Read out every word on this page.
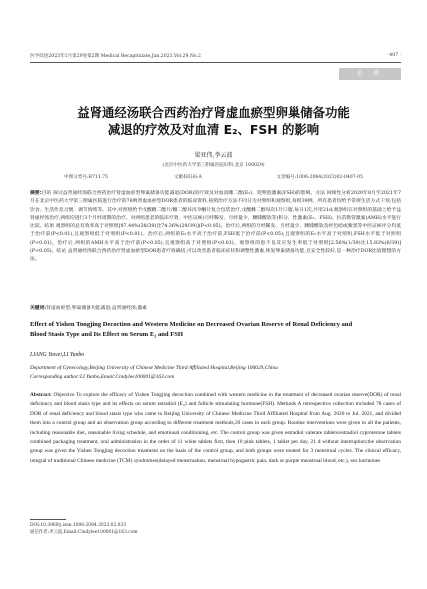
医学综述2023年1月第29卷第2期 Medical Recapitulate,Jan.2023,Vol.29,No.2	· 407 ·
论 著
益肾通经汤联合西药治疗肾虚血瘀型卵巢储备功能
减退的疗效及对血清 E₂、FSH 的影响
梁亚伟,李云波
(北京中医药大学第三附属医院妇科,北京 100029)
中图分类号:R711.75	文献标识码:A	文章编号:1006-2084(2023)02-0407-05
摘要:目的 探讨益肾通经汤联合西药治疗肾虚血瘀型卵巢储备功能减退(DOR)的疗效及对血清雌二醇(E₂)、促卵泡激素(FSH)的影响。方法 回顾性分析2020年8月至2021年7月在北京中医药大学第三附属医院进行治疗的78例肾虚血瘀型DOR患者的临床资料,按照治疗方法不同分为对照组和观察组,每组39例。所有患者均给予常规生活方式干预,包括饮食、生活作息习惯、调节情绪等。其中,对照组给予戊酸雌二醇片/雌二醇环丙孕酮片复合包装治疗,戊酸雌二醇每次1片口服,每日1次,共用21d;观察组在对照组的基础上给予益肾通经汤治疗,两组均进行3个月经周期的治疗。对两组患者的临床疗效、中医证候(月经稀发、月经量少、腰膝酸软等)积分、性激素(E₂、FSH)、抗苗勒管激素(AMH)水平进行比较。结果 观察组的总有效率高于对照组[97.44%(38/39)比74.36%(29/39)](P<0.05)。治疗后,两组的月经稀发、月经量少、腰膝酸软及经色暗或紫黑等中医证候评分均低于治疗前(P<0.01),且观察组低于对照组(P<0.01)。治疗后,两组的E₂水平高于治疗前,FSH低于治疗前(P<0.05);且观察组的E₂水平高于对照组,FSH水平低于对照组(P<0.01)。治疗后,两组的AMH水平高于治疗前(P<0.05),且观察组高于对照组(P<0.01)。观察组的患不良反应发生率低于对照组[2.56%(1/39)比15.83%(6/39)](P<0.05)。结论 益肾通经汤联合西药治疗肾虚血瘀型DOR患者疗效确切,可以改善患者临床症状和调整性激素,恢复卵巢储备功能,且安全性较好,是一种治疗DOR比较理想的方法。
关键词:肾虚血瘀型;卵巢储备功能减退;益肾通经汤;激素
Effect of Yishen Tongjing Decoction and Western Medicine on Decreased Ovarian Reserve of Renal Deficiency and
Blood Stasis Type and Its Effect on Serum E₂ and FSH
LIANG Yawei,LI Yunbo
Department of Gynecology,Beijing University of Chinese Medicine Third Affiliated Hospital,Beijing 100029,China
Corresponding author:LI Yunbo,Email:Cindylee100001@163.com
Abstract: Objective To explore the efficacy of Yishen Tongjing decoction combined with western medicine in the treatment of decreased ovarian reserve(DOR) of renal deficiency and blood stasis type and its effects on serum estradiol (E₂) and follicle stimulating hormone(FSH). Methods A retrospective collection included 78 cases of DOR of renal deficiency and blood stasis type who came to Beijing University of Chinese Medicine Third Affiliated Hospital from Aug. 2020 to Jul. 2021, and divided them into a control group and an observation group according to different treatment methods,39 cases in each group. Routine interventions were given to all the patients, including reasonable diet, reasonable living schedule, and emotional conditioning, etc. The control group was given estradiol valerate tablets/estradiol cyproterone tablets combined packaging treatment, oral administration in the order of 11 white tablets first, then 10 pink tablets, 1 tablet per day, 21 d without interruption;the observation group was given the Yishen Tongjing decoction treatment on the basis of the control group, and both groups were treated for 3 menstrual cycles. The clinical efficacy, integral of traditional Chinese medicine (TCM) syndromes(delayed menstruation, menstrual hypogastric pain, dark or purple menstrual blood, etc.), sex hormones
DOI:10.3969/j.issn.1006-2084.2023.02.033
通信作者:李云波,Email:Cindylee100001@163.com
